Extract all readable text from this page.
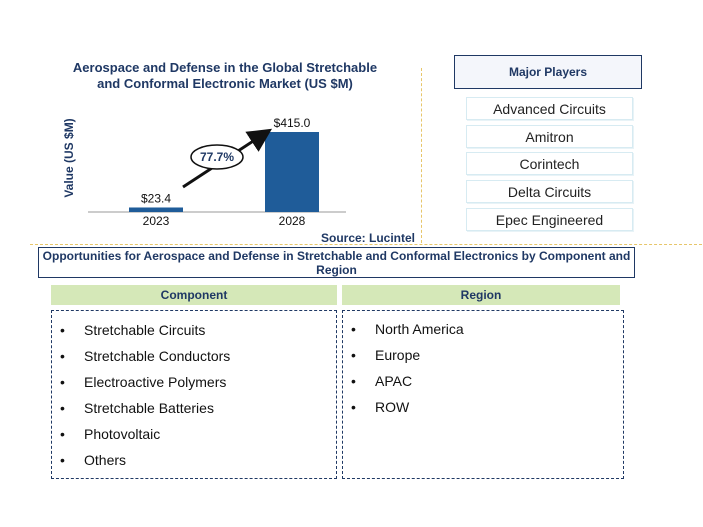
Aerospace and Defense in the Global Stretchable
and Conformal Electronic Market (US $M)
Value (US $M)
$23.4
2023
$415.0
2028
77.7%
Source: Lucintel
Major Players
Advanced Circuits
Amitron
Corintech
Delta Circuits
Epec Engineered
Opportunities for Aerospace and Defense in Stretchable and Conformal Electronics by Component and Region
Component	Region
• Stretchable Circuits
• Stretchable Conductors
• Electroactive Polymers
• Stretchable Batteries
• Photovoltaic
• Others
• North America
• Europe
• APAC
• ROW
